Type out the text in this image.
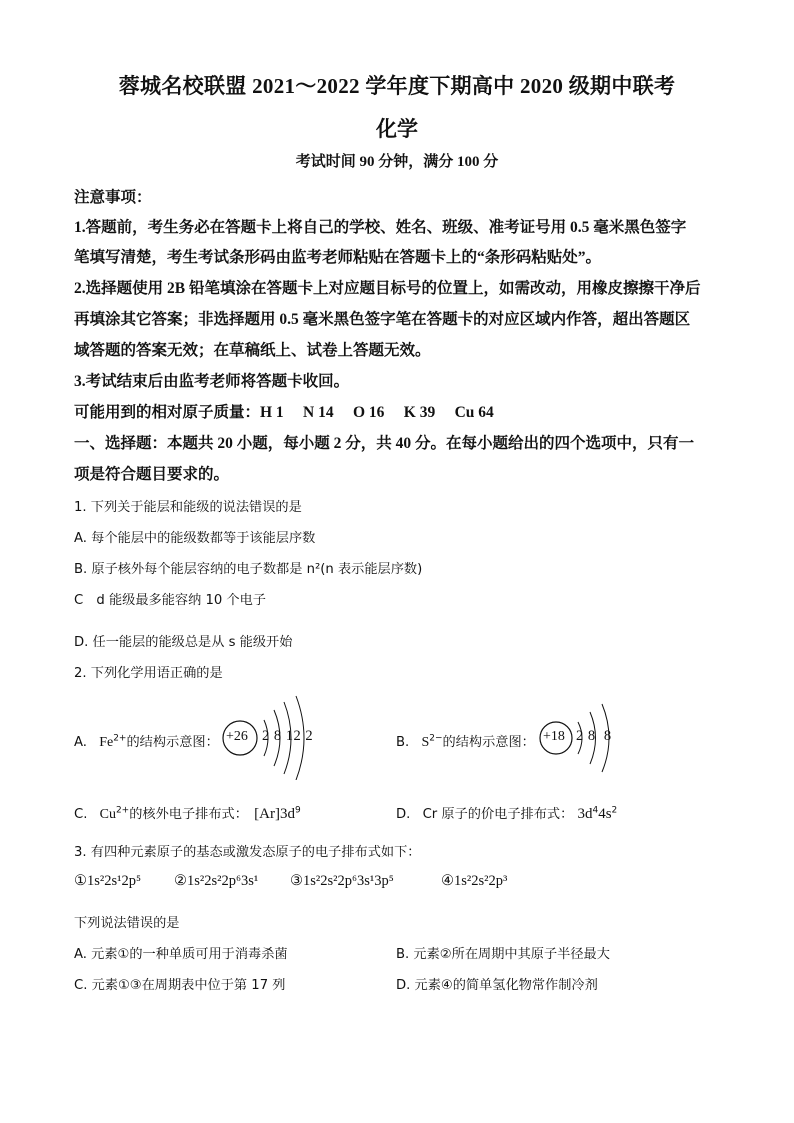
蓉城名校联盟 2021～2022 学年度下期高中 2020 级期中联考
化学
考试时间 90 分钟，满分 100 分
注意事项：
1.答题前，考生务必在答题卡上将自己的学校、姓名、班级、准考证号用 0.5 毫米黑色签字
笔填写清楚，考生考试条形码由监考老师粘贴在答题卡上的“条形码粘贴处”。
2.选择题使用 2B 铅笔填涂在答题卡上对应题目标号的位置上，如需改动，用橡皮擦擦干净后
再填涂其它答案；非选择题用 0.5 毫米黑色签字笔在答题卡的对应区域内作答，超出答题区
域答题的答案无效；在草稿纸上、试卷上答题无效。
3.考试结束后由监考老师将答题卡收回。
可能用到的相对原子质量：H 1　 N 14　 O 16　 K 39　 Cu 64
一、选择题：本题共 20 小题，每小题 2 分，共 40 分。在每小题给出的四个选项中，只有一
项是符合题目要求的。
1. 下列关于能层和能级的说法错误的是
A. 每个能层中的能级数都等于该能层序数
B. 原子核外每个能层容纳的电子数都是 n²(n 表示能层序数)
C　d 能级最多能容纳 10 个电子
D. 任一能层的能级总是从 s 能级开始
2. 下列化学用语正确的是
A. $Fe^{2+}$的结构示意图： +26 2 8 12 2	B. $S^{2-}$的结构示意图： +18 2 8  8
C. $Cu^{2+}$的核外电子排布式： $[Ar]3d^9$	D. Cr 原子的价电子排布式： $3d^44s^2$
3. 有四种元素原子的基态或激发态原子的电子排布式如下：
①1s²2s¹2p⁵ ②1s²2s²2p⁶3s¹ ③1s²2s²2p⁶3s¹3p⁵	④1s²2s²2p³
下列说法错误的是
A. 元素①的一种单质可用于消毒杀菌	B. 元素②所在周期中其原子半径最大
C. 元素①③在周期表中位于第 17 列	D. 元素④的简单氢化物常作制冷剂
